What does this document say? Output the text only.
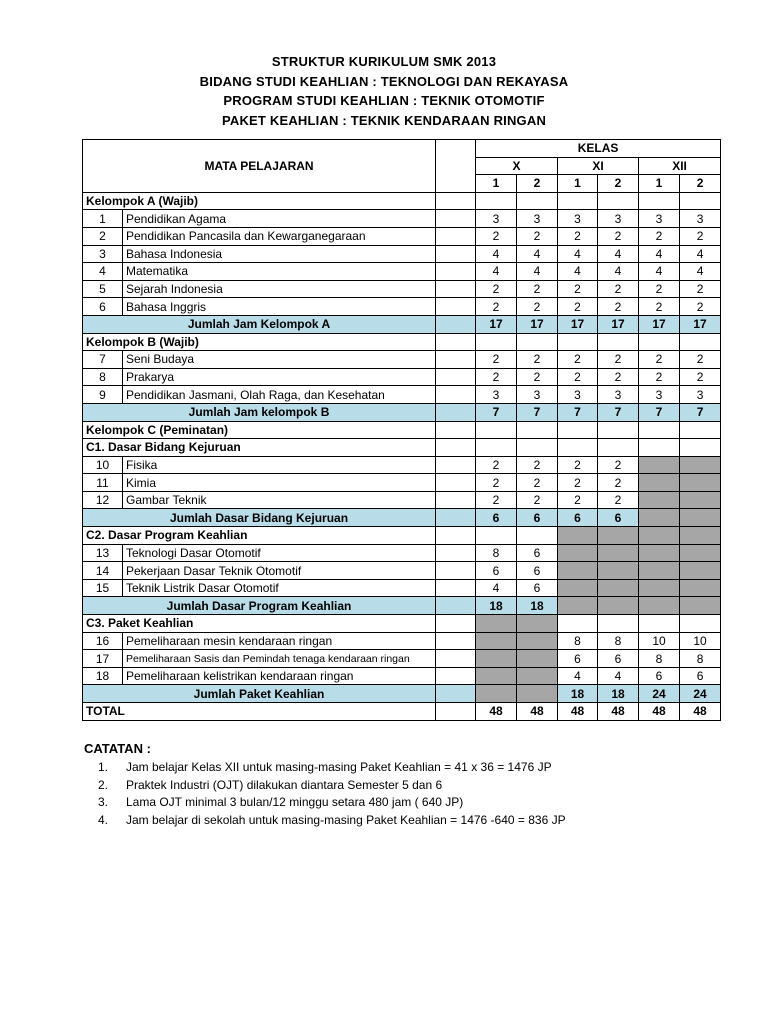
STRUKTUR KURIKULUM SMK 2013
BIDANG STUDI KEAHLIAN : TEKNOLOGI DAN REKAYASA
PROGRAM STUDI KEAHLIAN : TEKNIK OTOMOTIF
PAKET KEAHLIAN : TEKNIK KENDARAAN RINGAN
MATA PELAJARAN			KELAS					
			X		XI		XII	
			1	2	1	2	1	2
Kelompok A (Wajib)								
1	Pendidikan Agama		3	3	3	3	3	3
2	Pendidikan Pancasila dan Kewarganegaraan		2	2	2	2	2	2
3	Bahasa Indonesia		4	4	4	4	4	4
4	Matematika		4	4	4	4	4	4
5	Sejarah Indonesia		2	2	2	2	2	2
6	Bahasa Inggris		2	2	2	2	2	2
Jumlah Jam Kelompok A			17	17	17	17	17	17
Kelompok B (Wajib)								
7	Seni Budaya		2	2	2	2	2	2
8	Prakarya		2	2	2	2	2	2
9	Pendidikan Jasmani, Olah Raga, dan Kesehatan		3	3	3	3	3	3
Jumlah Jam kelompok B			7	7	7	7	7	7
Kelompok C (Peminatan)								
C1. Dasar Bidang Kejuruan								
10	Fisika		2	2	2	2		
11	Kimia		2	2	2	2		
12	Gambar Teknik		2	2	2	2		
Jumlah Dasar Bidang Kejuruan			6	6	6	6		
C2. Dasar Program Keahlian								
13	Teknologi Dasar Otomotif		8	6				
14	Pekerjaan Dasar Teknik Otomotif		6	6				
15	Teknik Listrik Dasar Otomotif		4	6				
Jumlah Dasar Program Keahlian			18	18				
C3. Paket Keahlian								
16	Pemeliharaan mesin kendaraan ringan				8	8	10	10
17	Pemeliharaan Sasis dan Pemindah tenaga kendaraan ringan				6	6	8	8
18	Pemeliharaan kelistrikan kendaraan ringan				4	4	6	6
Jumlah Paket Keahlian					18	18	24	24
TOTAL			48	48	48	48	48	48
CATATAN :
1.	Jam belajar Kelas XII untuk masing-masing Paket Keahlian = 41 x 36 = 1476 JP
2.	Praktek Industri (OJT) dilakukan diantara Semester 5 dan 6
3.	Lama OJT minimal 3 bulan/12 minggu setara 480 jam ( 640 JP)
4.	Jam belajar di sekolah untuk masing-masing Paket Keahlian = 1476 -640 = 836 JP
